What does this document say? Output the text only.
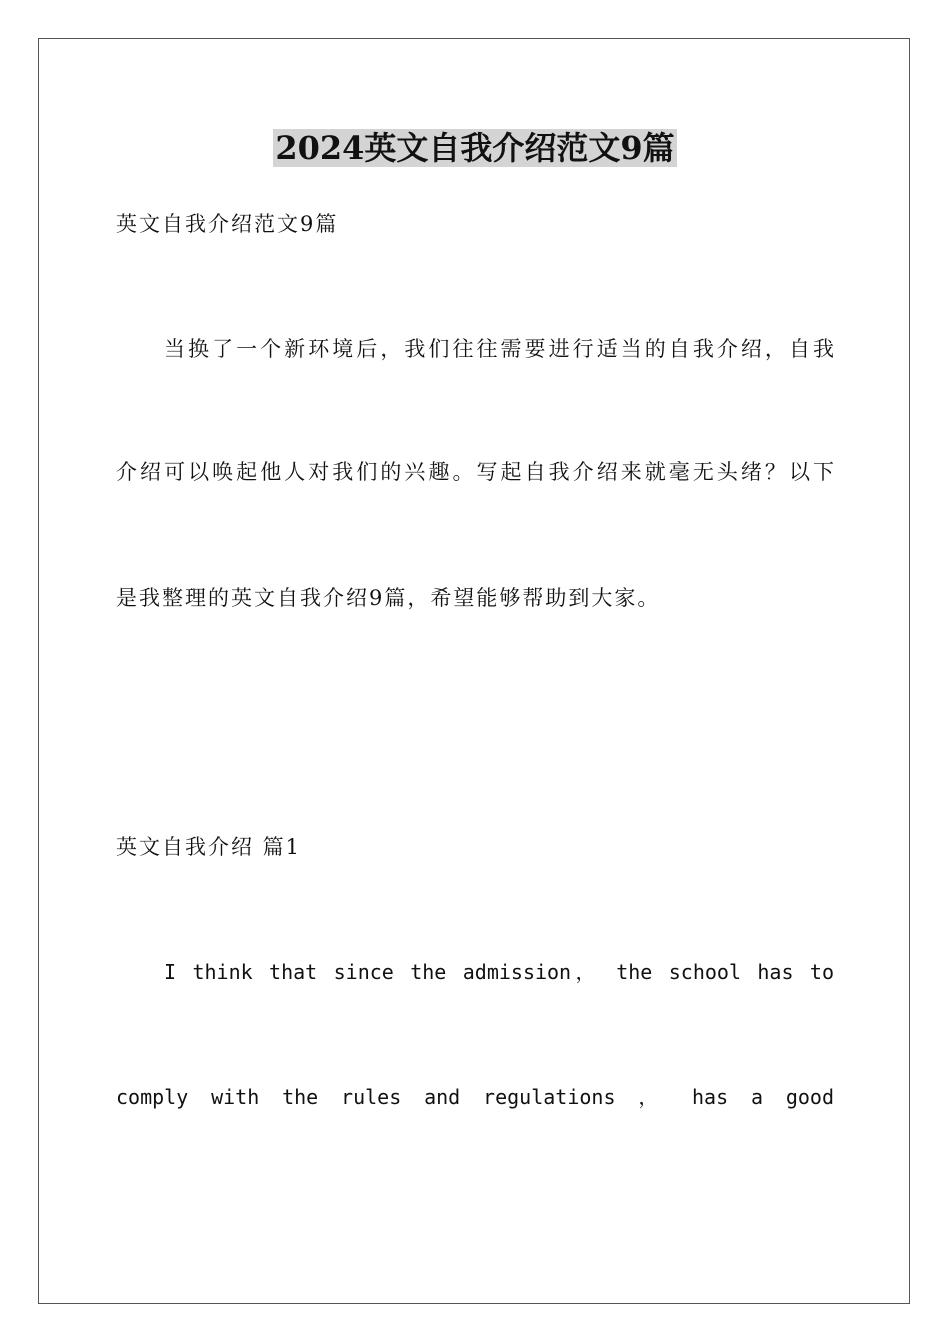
2024英文自我介绍范文9篇

英文自我介绍范文9篇

当换了一个新环境后，我们往往需要进行适当的自我介绍，自我

介绍可以唤起他人对我们的兴趣。写起自我介绍来就毫无头绪？以下

是我整理的英文自我介绍9篇，希望能够帮助到大家。

英文自我介绍 篇1

I think that since the admission， the school has to

comply with the rules and regulations ， has a good
